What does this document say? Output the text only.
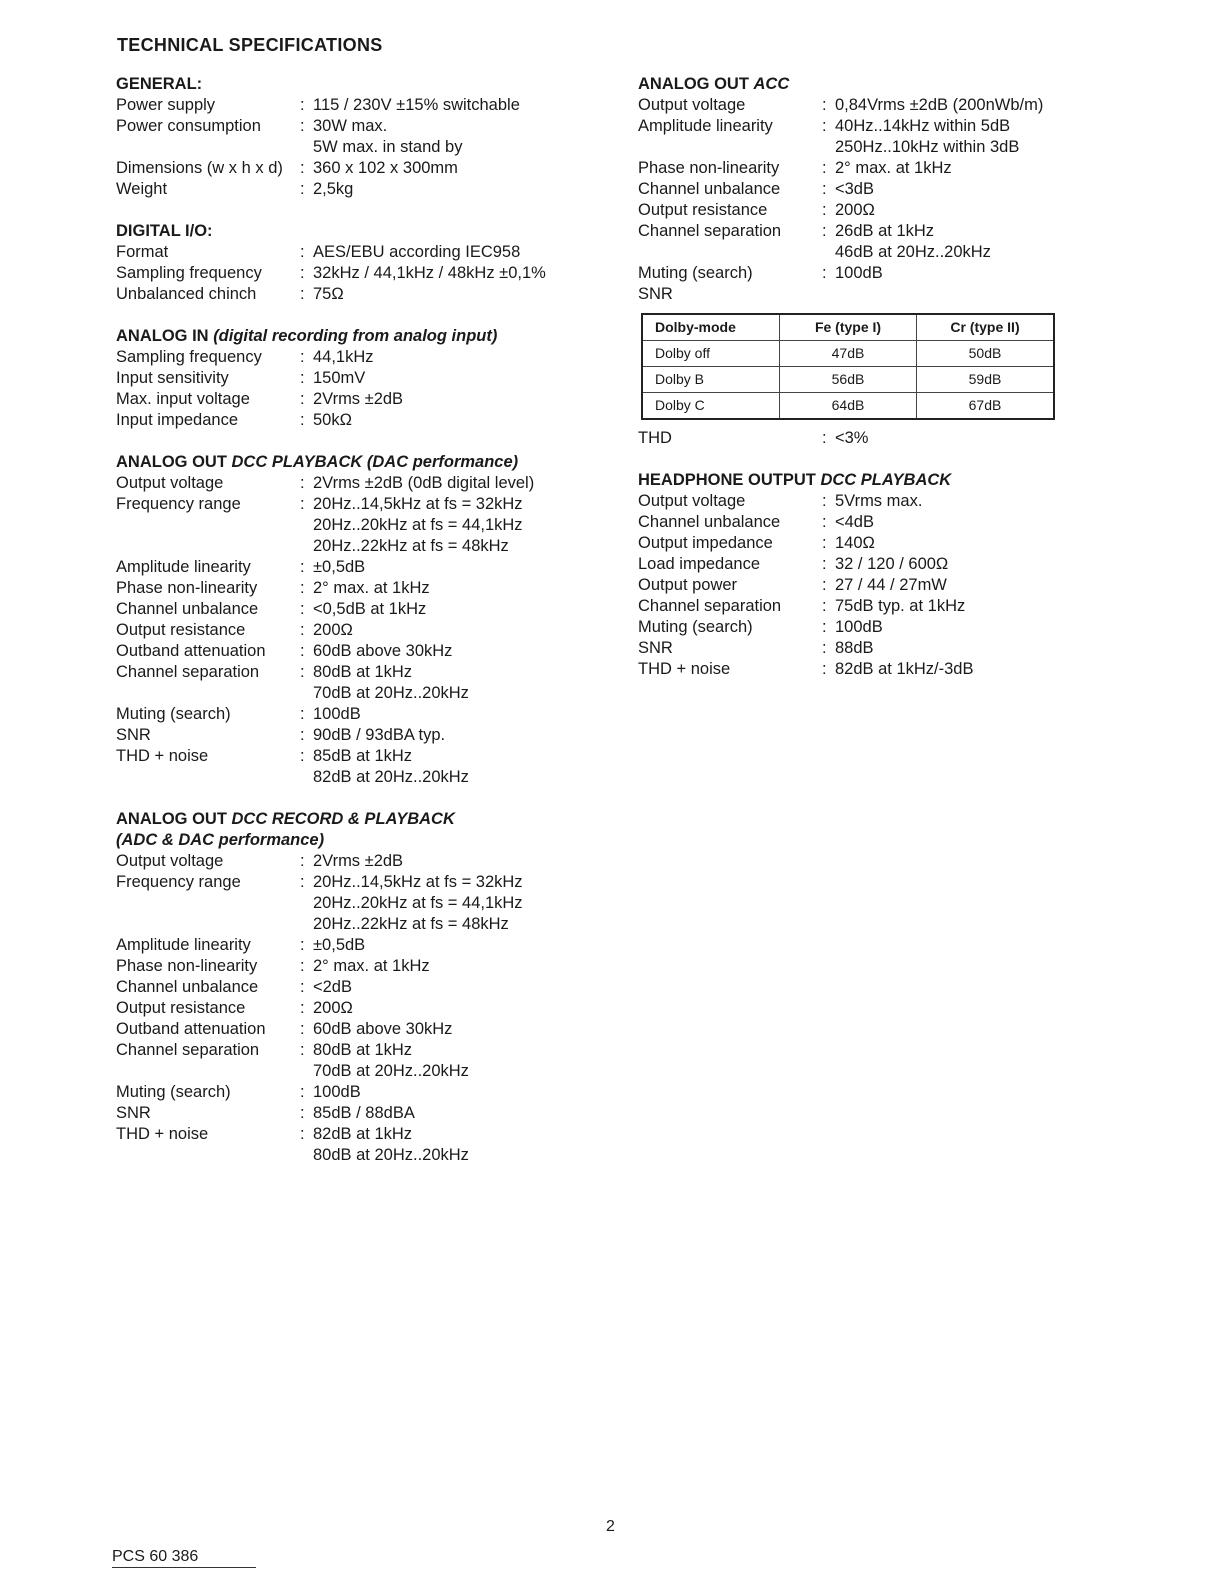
TECHNICAL SPECIFICATIONS
GENERAL:
Power supply	: 115 / 230V ±15% switchable
Power consumption	: 30W max.
5W max. in stand by
Dimensions (w x h x d)	: 360 x 102 x 300mm
Weight	: 2,5kg
DIGITAL I/O:
Format	: AES/EBU according IEC958
Sampling frequency	: 32kHz / 44,1kHz / 48kHz ±0,1%
Unbalanced chinch	: 75Ω
ANALOG IN (digital recording from analog input)
Sampling frequency	: 44,1kHz
Input sensitivity	: 150mV
Max. input voltage	: 2Vrms ±2dB
Input impedance	: 50kΩ
ANALOG OUT DCC PLAYBACK (DAC performance)
Output voltage	: 2Vrms ±2dB (0dB digital level)
Frequency range	: 20Hz..14,5kHz at fs = 32kHz
20Hz..20kHz at fs = 44,1kHz
20Hz..22kHz at fs = 48kHz
Amplitude linearity	: ±0,5dB
Phase non-linearity	: 2° max. at 1kHz
Channel unbalance	: <0,5dB at 1kHz
Output resistance	: 200Ω
Outband attenuation	: 60dB above 30kHz
Channel separation	: 80dB at 1kHz
70dB at 20Hz..20kHz
Muting (search)	: 100dB
SNR	: 90dB / 93dBA typ.
THD + noise	: 85dB at 1kHz
82dB at 20Hz..20kHz
ANALOG OUT DCC RECORD & PLAYBACK
(ADC & DAC performance)
Output voltage	: 2Vrms ±2dB
Frequency range	: 20Hz..14,5kHz at fs = 32kHz
20Hz..20kHz at fs = 44,1kHz
20Hz..22kHz at fs = 48kHz
Amplitude linearity	: ±0,5dB
Phase non-linearity	: 2° max. at 1kHz
Channel unbalance	: <2dB
Output resistance	: 200Ω
Outband attenuation	: 60dB above 30kHz
Channel separation	: 80dB at 1kHz
70dB at 20Hz..20kHz
Muting (search)	: 100dB
SNR	: 85dB / 88dBA
THD + noise	: 82dB at 1kHz
80dB at 20Hz..20kHz
ANALOG OUT ACC
Output voltage	: 0,84Vrms ±2dB (200nWb/m)
Amplitude linearity	: 40Hz..14kHz within 5dB
250Hz..10kHz within 3dB
Phase non-linearity	: 2° max. at 1kHz
Channel unbalance	: <3dB
Output resistance	: 200Ω
Channel separation	: 26dB at 1kHz
46dB at 20Hz..20kHz
Muting (search)	: 100dB
SNR

Dolby-mode	Fe (type I)	Cr (type II)
Dolby off	47dB	50dB
Dolby B	56dB	59dB
Dolby C	64dB	67dB
THD	: <3%
HEADPHONE OUTPUT DCC PLAYBACK
Output voltage	: 5Vrms max.
Channel unbalance	: <4dB
Output impedance	: 140Ω
Load impedance	: 32 / 120 / 600Ω
Output power	: 27 / 44 / 27mW
Channel separation	: 75dB typ. at 1kHz
Muting (search)	: 100dB
SNR	: 88dB
THD + noise	: 82dB at 1kHz/-3dB
2
PCS 60 386
